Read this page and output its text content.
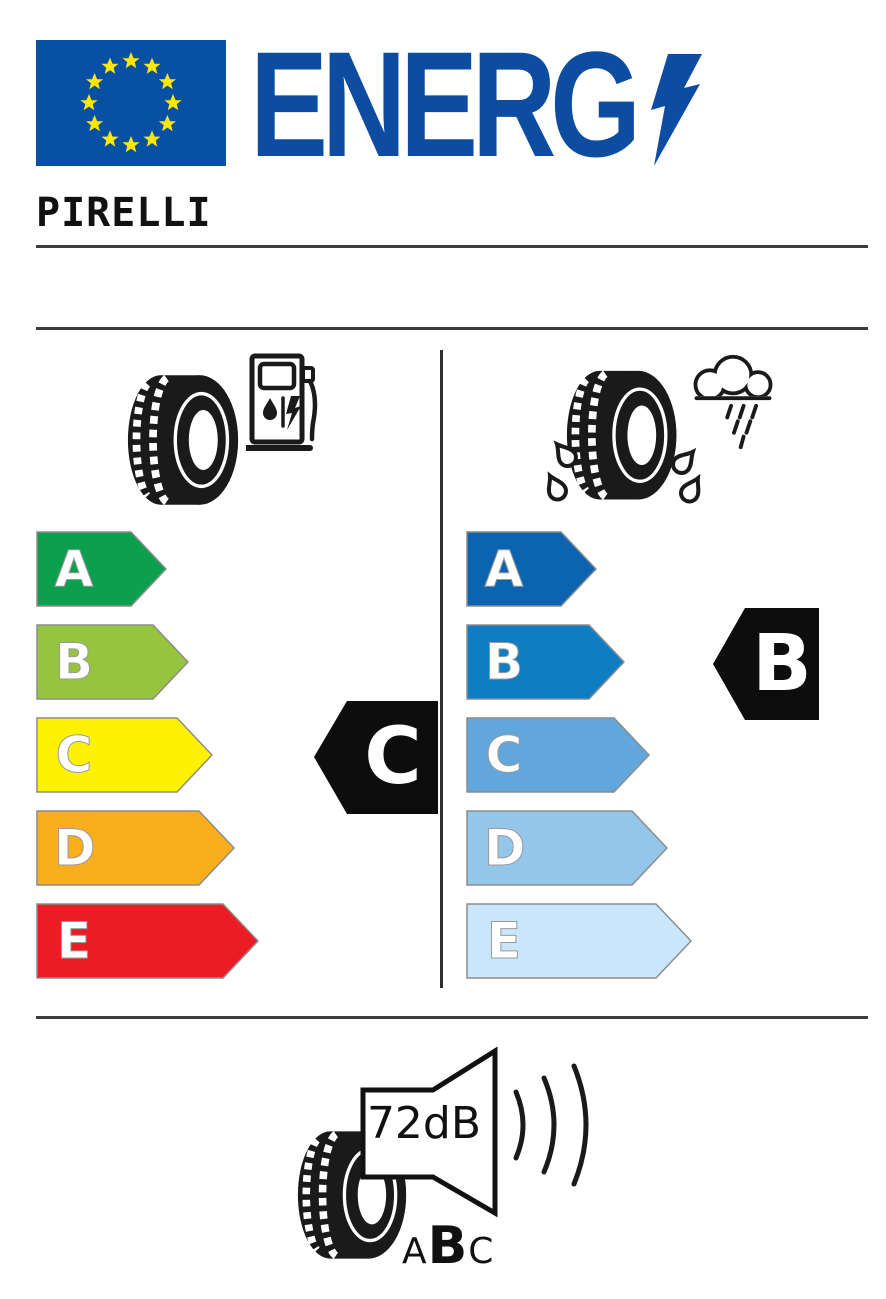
ENERG
PIRELLI
A
B
C
D
E
C
A
B
C
D
E
B
72dB
ABC
